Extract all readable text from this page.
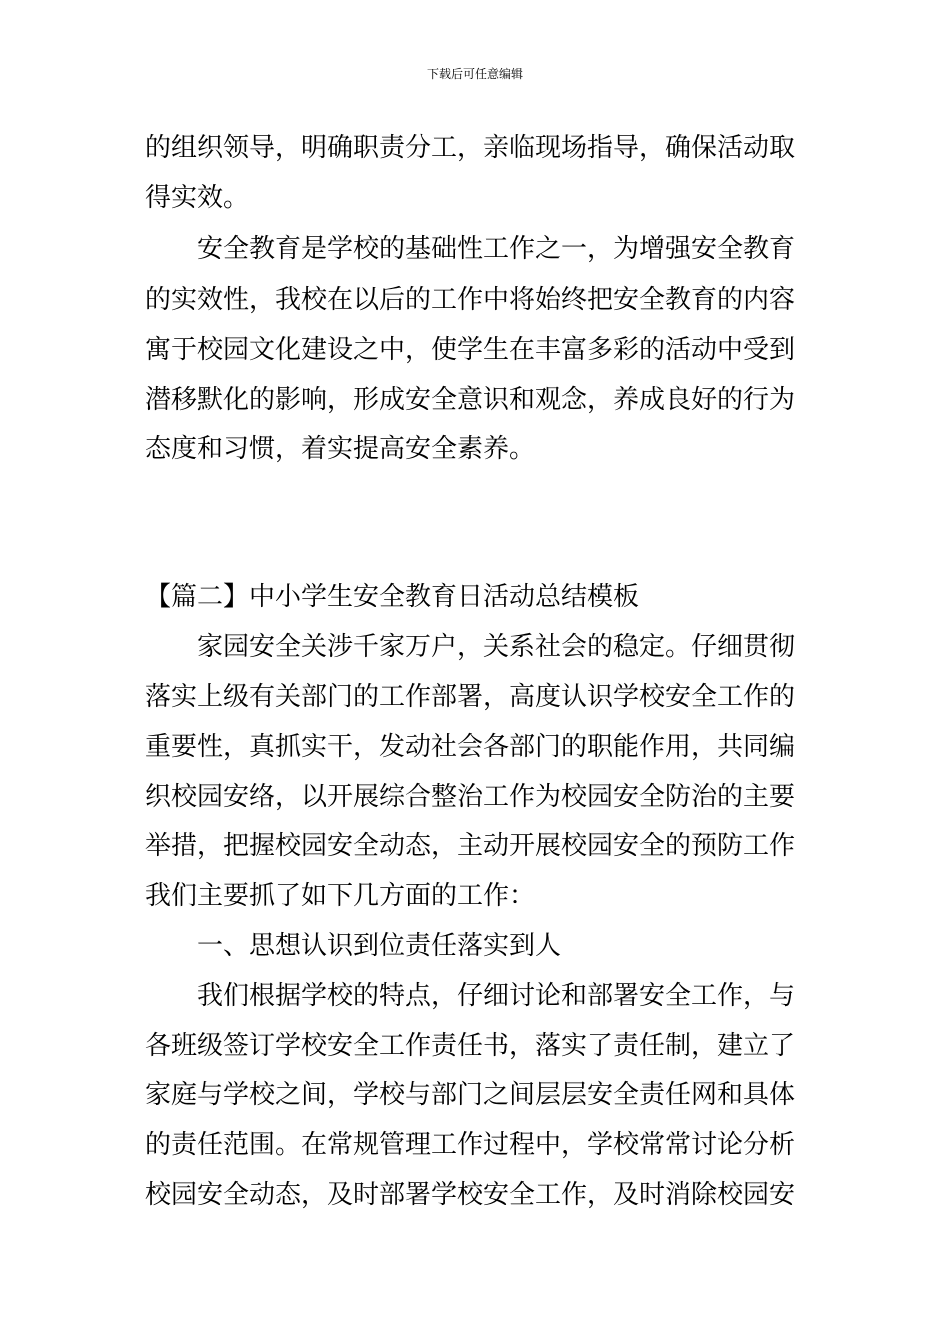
下载后可任意编辑
的组织领导，明确职责分工，亲临现场指导，确保活动取
得实效。
安全教育是学校的基础性工作之一，为增强安全教育
的实效性，我校在以后的工作中将始终把安全教育的内容
寓于校园文化建设之中，使学生在丰富多彩的活动中受到
潜移默化的影响，形成安全意识和观念，养成良好的行为
态度和习惯，着实提高安全素养。
【篇二】中小学生安全教育日活动总结模板
家园安全关涉千家万户，关系社会的稳定。仔细贯彻
落实上级有关部门的工作部署，高度认识学校安全工作的
重要性，真抓实干，发动社会各部门的职能作用，共同编
织校园安络，以开展综合整治工作为校园安全防治的主要
举措，把握校园安全动态，主动开展校园安全的预防工作
我们主要抓了如下几方面的工作：
一、思想认识到位责任落实到人
我们根据学校的特点，仔细讨论和部署安全工作，与
各班级签订学校安全工作责任书，落实了责任制，建立了
家庭与学校之间，学校与部门之间层层安全责任网和具体
的责任范围。在常规管理工作过程中，学校常常讨论分析
校园安全动态，及时部署学校安全工作，及时消除校园安
